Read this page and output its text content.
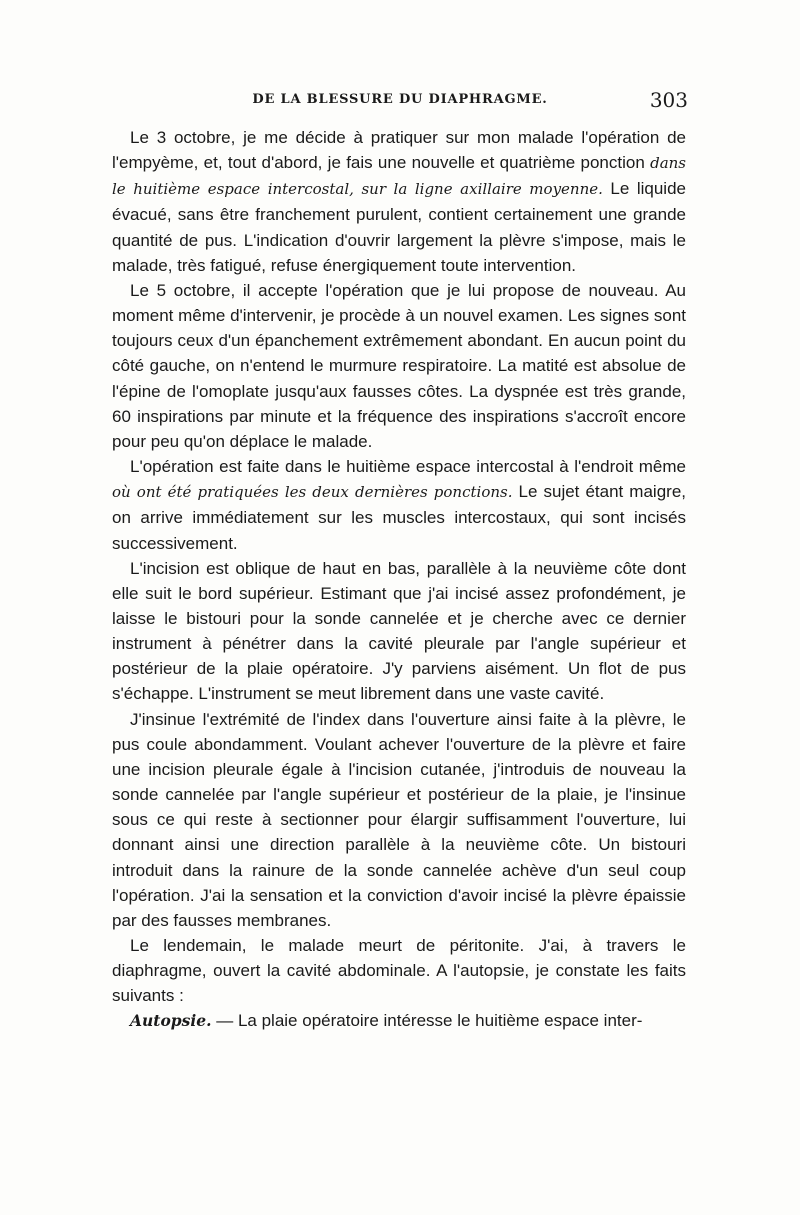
DE LA BLESSURE DU DIAPHRAGME.	303

Le 3 octobre, je me décide à pratiquer sur mon malade l'opération de l'empyème, et, tout d'abord, je fais une nouvelle et quatrième ponction dans le huitième espace intercostal, sur la ligne axillaire moyenne. Le liquide évacué, sans être franchement purulent, contient certainement une grande quantité de pus. L'indication d'ouvrir largement la plèvre s'impose, mais le malade, très fatigué, refuse énergiquement toute intervention.

Le 5 octobre, il accepte l'opération que je lui propose de nouveau. Au moment même d'intervenir, je procède à un nouvel examen. Les signes sont toujours ceux d'un épanchement extrêmement abondant. En aucun point du côté gauche, on n'entend le murmure respiratoire. La matité est absolue de l'épine de l'omoplate jusqu'aux fausses côtes. La dyspnée est très grande, 60 inspirations par minute et la fréquence des inspirations s'accroît encore pour peu qu'on déplace le malade.

L'opération est faite dans le huitième espace intercostal à l'endroit même où ont été pratiquées les deux dernières ponctions. Le sujet étant maigre, on arrive immédiatement sur les muscles intercostaux, qui sont incisés successivement.

L'incision est oblique de haut en bas, parallèle à la neuvième côte dont elle suit le bord supérieur. Estimant que j'ai incisé assez profondément, je laisse le bistouri pour la sonde cannelée et je cherche avec ce dernier instrument à pénétrer dans la cavité pleurale par l'angle supérieur et postérieur de la plaie opératoire. J'y parviens aisément. Un flot de pus s'échappe. L'instrument se meut librement dans une vaste cavité.

J'insinue l'extrémité de l'index dans l'ouverture ainsi faite à la plèvre, le pus coule abondamment. Voulant achever l'ouverture de la plèvre et faire une incision pleurale égale à l'incision cutanée, j'introduis de nouveau la sonde cannelée par l'angle supérieur et postérieur de la plaie, je l'insinue sous ce qui reste à sectionner pour élargir suffisamment l'ouverture, lui donnant ainsi une direction parallèle à la neuvième côte. Un bistouri introduit dans la rainure de la sonde cannelée achève d'un seul coup l'opération. J'ai la sensation et la conviction d'avoir incisé la plèvre épaissie par des fausses membranes.

Le lendemain, le malade meurt de péritonite. J'ai, à travers le diaphragme, ouvert la cavité abdominale. A l'autopsie, je constate les faits suivants :

Autopsie. — La plaie opératoire intéresse le huitième espace inter-
